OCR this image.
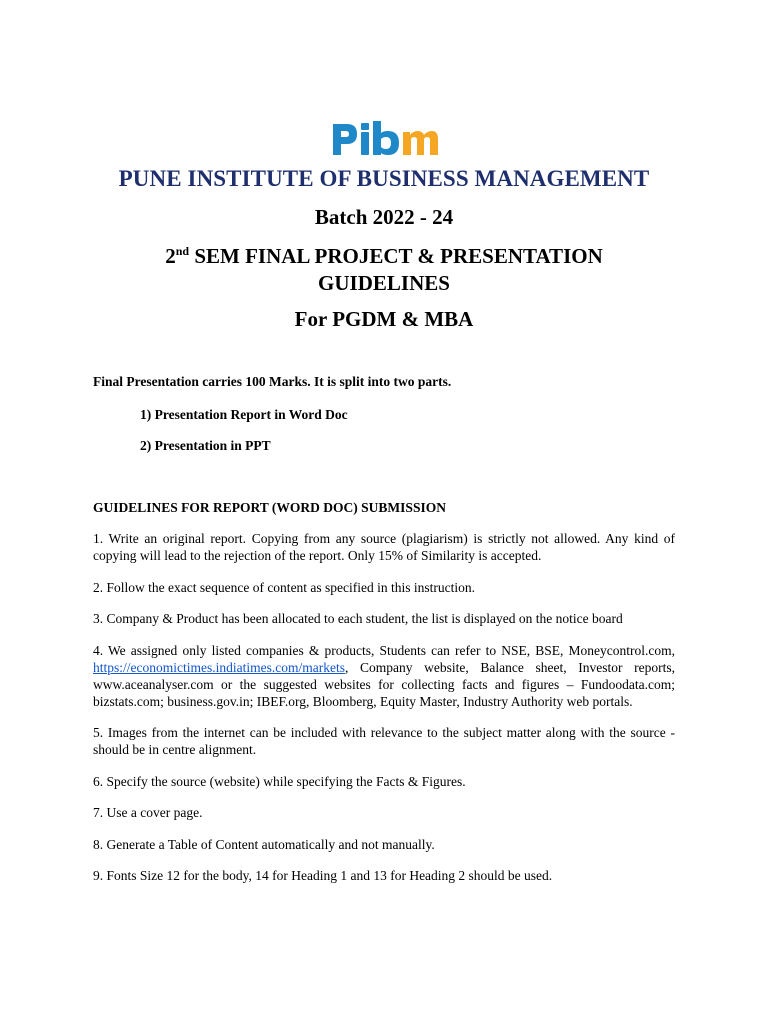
PUNE INSTITUTE OF BUSINESS MANAGEMENT
Batch 2022 - 24
2nd SEM FINAL PROJECT & PRESENTATION
GUIDELINES
For PGDM & MBA
Final Presentation carries 100 Marks. It is split into two parts.
1) Presentation Report in Word Doc
2) Presentation in PPT
GUIDELINES FOR REPORT (WORD DOC) SUBMISSION

1. Write an original report. Copying from any source (plagiarism) is strictly not allowed. Any kind of copying will lead to the rejection of the report. Only 15% of Similarity is accepted.

2. Follow the exact sequence of content as specified in this instruction.

3. Company & Product has been allocated to each student, the list is displayed on the notice board

4. We assigned only listed companies & products, Students can refer to NSE, BSE, Moneycontrol.com, https://economictimes.indiatimes.com/markets, Company website, Balance sheet, Investor reports, www.aceanalyser.com or the suggested websites for collecting facts and figures – Fundoodata.com; bizstats.com; business.gov.in; IBEF.org, Bloomberg, Equity Master, Industry Authority web portals.

5. Images from the internet can be included with relevance to the subject matter along with the source - should be in centre alignment.

6. Specify the source (website) while specifying the Facts & Figures.

7. Use a cover page.

8. Generate a Table of Content automatically and not manually.

9. Fonts Size 12 for the body, 14 for Heading 1 and 13 for Heading 2 should be used.
